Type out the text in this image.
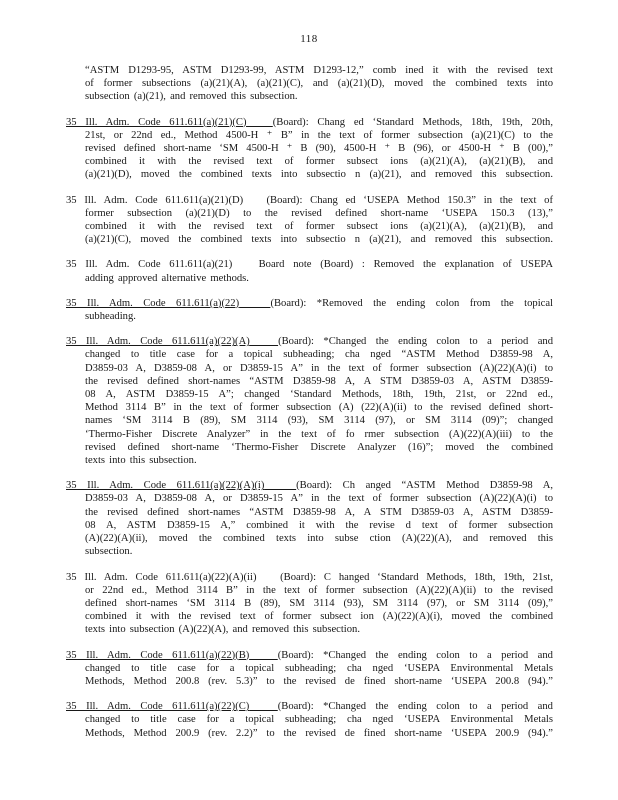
118
“ASTM D1293-95, ASTM D1293-99, ASTM D1293-12,” comb ined it with the revised text
of former subsections (a)(21)(A), (a)(21)(C), and (a)(21)(D), moved the combined texts into
subsection (a)(21), and removed this subsection.
35 Ill. Adm. Code 611.611(a)(21)(C) (Board): Chang ed ‘Standard Methods, 18th, 19th, 20th,
21st, or 22nd ed., Method 4500-H ⁺ B” in the text of former subsection (a)(21)(C) to the
revised defined short-name ‘SM 4500-H ⁺ B (90), 4500-H ⁺ B (96), or 4500-H ⁺ B (00),”
combined it with the revised text of former subsect ions (a)(21)(A), (a)(21)(B), and
(a)(21)(D), moved the combined texts into subsectio n (a)(21), and removed this subsection.
35 Ill. Adm. Code 611.611(a)(21)(D) (Board): Chang ed ‘USEPA Method 150.3” in the text of
former subsection (a)(21)(D) to the revised defined short-name ‘USEPA 150.3 (13),”
combined it with the revised text of former subsect ions (a)(21)(A), (a)(21)(B), and
(a)(21)(C), moved the combined texts into subsectio n (a)(21), and removed this subsection.
35 Ill. Adm. Code 611.611(a)(21) Board note (Board) : Removed the explanation of USEPA
adding approved alternative methods.
35 Ill. Adm. Code 611.611(a)(22)	(Board): *Removed the ending colon from the topical
subheading.
35 Ill. Adm. Code 611.611(a)(22)(A)	(Board): *Changed the ending colon to a period and
changed to title case for a topical subheading; cha nged “ASTM Method D3859-98 A,
D3859-03 A, D3859-08 A, or D3859-15 A” in the text of former subsection (A)(22)(A)(i) to
the revised defined short-names “ASTM D3859-98 A, A STM D3859-03 A, ASTM D3859-
08 A, ASTM D3859-15 A”; changed ‘Standard Methods, 18th, 19th, 21st, or 22nd ed.,
Method 3114 B” in the text of former subsection (A) (22)(A)(ii) to the revised defined short-
names ‘SM 3114 B (89), SM 3114 (93), SM 3114 (97), or SM 3114 (09)”; changed
‘Thermo-Fisher Discrete Analyzer” in the text of fo rmer subsection (A)(22)(A)(iii) to the
revised defined short-name ‘Thermo-Fisher Discrete Analyzer (16)”; moved the combined
texts into this subsection.
35 Ill. Adm. Code 611.611(a)(22)(A)(i)	(Board): Ch anged “ASTM Method D3859-98 A,
D3859-03 A, D3859-08 A, or D3859-15 A” in the text of former subsection (A)(22)(A)(i) to
the revised defined short-names “ASTM D3859-98 A, A STM D3859-03 A, ASTM D3859-
08 A, ASTM D3859-15 A,” combined it with the revise d text of former subsection
(A)(22)(A)(ii), moved the combined texts into subse ction (A)(22)(A), and removed this
subsection.
35 Ill. Adm. Code 611.611(a)(22)(A)(ii) (Board): C hanged ‘Standard Methods, 18th, 19th, 21st,
or 22nd ed., Method 3114 B” in the text of former subsection (A)(22)(A)(ii) to the revised
defined short-names ‘SM 3114 B (89), SM 3114 (93), SM 3114 (97), or SM 3114 (09),”
combined it with the revised text of former subsect ion (A)(22)(A)(i), moved the combined
texts into subsection (A)(22)(A), and removed this subsection.
35 Ill. Adm. Code 611.611(a)(22)(B)	(Board): *Changed the ending colon to a period and
changed to title case for a topical subheading; cha nged ‘USEPA Environmental Metals
Methods, Method 200.8 (rev. 5.3)” to the revised de fined short-name ‘USEPA 200.8 (94).”
35 Ill. Adm. Code 611.611(a)(22)(C)	(Board): *Changed the ending colon to a period and
changed to title case for a topical subheading; cha nged ‘USEPA Environmental Metals
Methods, Method 200.9 (rev. 2.2)” to the revised de fined short-name ‘USEPA 200.9 (94).”
